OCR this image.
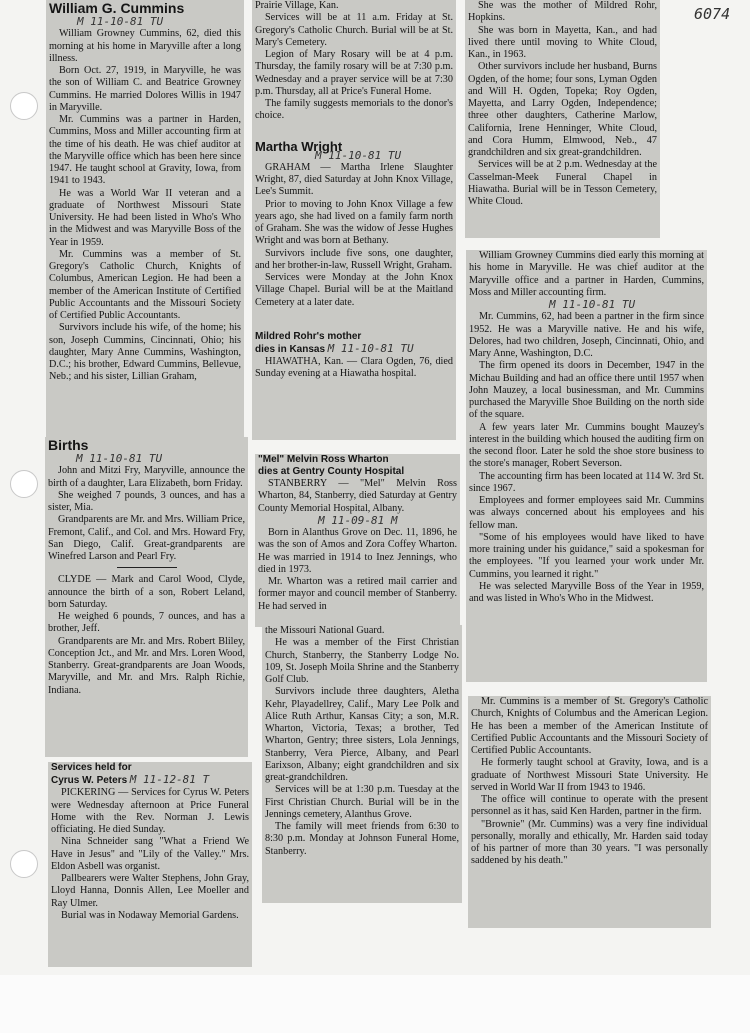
6074
William G. Cummins
M 11-10-81 TU

William Growney Cummins, 62, died this morning at his home in Maryville after a long illness.

Born Oct. 27, 1919, in Maryville, he was the son of William C. and Beatrice Growney Cummins. He married Dolores Willis in 1947 in Maryville.

Mr. Cummins was a partner in Harden, Cummins, Moss and Miller accounting firm at the time of his death. He was chief auditor at the Maryville office which has been here since 1947. He taught school at Gravity, Iowa, from 1941 to 1943.

He was a World War II veteran and a graduate of Northwest Missouri State University. He had been listed in Who's Who in the Midwest and was Maryville Boss of the Year in 1959.

Mr. Cummins was a member of St. Gregory's Catholic Church, Knights of Columbus, American Legion. He had been a member of the American Institute of Certified Public Accountants and the Missouri Society of Certified Public Accountants.

Survivors include his wife, of the home; his son, Joseph Cummins, Cincinnati, Ohio; his daughter, Mary Anne Cummins, Washington, D.C.; his brother, Edward Cummins, Bellevue, Neb.; and his sister, Lillian Graham,

Prairie Village, Kan.

Services will be at 11 a.m. Friday at St. Gregory's Catholic Church. Burial will be at St. Mary's Cemetery.

Legion of Mary Rosary will be at 4 p.m. Thursday, the family rosary will be at 7:30 p.m. Wednesday and a prayer service will be at 7:30 p.m. Thursday, all at Price's Funeral Home.

The family suggests memorials to the donor's choice.

Martha Wright
M 11-10-81 TU

GRAHAM — Martha Irlene Slaughter Wright, 87, died Saturday at John Knox Village, Lee's Summit.

Prior to moving to John Knox Village a few years ago, she had lived on a family farm north of Graham. She was the widow of Jesse Hughes Wright and was born at Bethany.

Survivors include five sons, one daughter, and her brother-in-law, Russell Wright, Graham.

Services were Monday at the John Knox Village Chapel. Burial will be at the Maitland Cemetery at a later date.

Mildred Rohr's mother
dies in Kansas M 11-10-81 TU

HIAWATHA, Kan. — Clara Ogden, 76, died Sunday evening at a Hiawatha hospital.

She was the mother of Mildred Rohr, Hopkins.

She was born in Mayetta, Kan., and had lived there until moving to White Cloud, Kan., in 1963.

Other survivors include her husband, Burns Ogden, of the home; four sons, Lyman Ogden and Will H. Ogden, Topeka; Roy Ogden, Mayetta, and Larry Ogden, Independence; three other daughters, Catherine Marlow, California, Irene Henninger, White Cloud, and Cora Humm, Elmwood, Neb., 47 grandchildren and six great-grandchildren.

Services will be at 2 p.m. Wednesday at the Casselman-Meek Funeral Chapel in Hiawatha. Burial will be in Tesson Cemetery, White Cloud.

William Growney Cummins died early this morning at his home in Maryville. He was chief auditor at the Maryville office and a partner in Harden, Cummins, Moss and Miller accounting firm.

M 11-10-81 TU

Mr. Cummins, 62, had been a partner in the firm since 1952. He was a Maryville native. He and his wife, Delores, had two children, Joseph, Cincinnati, Ohio, and Mary Anne, Washington, D.C.

The firm opened its doors in December, 1947 in the Michau Building and had an office there until 1957 when John Mauzey, a local businessman, and Mr. Cummins purchased the Maryville Shoe Building on the north side of the square.

A few years later Mr. Cummins bought Mauzey's interest in the building which housed the auditing firm on the second floor. Later he sold the shoe store business to the store's manager, Robert Severson.

The accounting firm has been located at 114 W. 3rd St. since 1967.

Employees and former employees said Mr. Cummins was always concerned about his employees and his fellow man.

"Some of his employees would have liked to have more training under his guidance," said a spokesman for the employees. "If you learned your work under Mr. Cummins, you learned it right."

He was selected Maryville Boss of the Year in 1959, and was listed in Who's Who in the Midwest.

Mr. Cummins is a member of St. Gregory's Catholic Church, Knights of Columbus and the American Legion. He has been a member of the American Institute of Certified Public Accountants and the Missouri Society of Certified Public Accountants.

He formerly taught school at Gravity, Iowa, and is a graduate of Northwest Missouri State University. He served in World War II from 1943 to 1946.

The office will continue to operate with the present personnel as it has, said Ken Harden, partner in the firm.

"Brownie" (Mr. Cummins) was a very fine individual personally, morally and ethically, Mr. Harden said today of his partner of more than 30 years. "I was personally saddened by his death."

Births
M 11-10-81 TU

John and Mitzi Fry, Maryville, announce the birth of a daughter, Lara Elizabeth, born Friday.

She weighed 7 pounds, 3 ounces, and has a sister, Mia.

Grandparents are Mr. and Mrs. William Price, Fremont, Calif., and Col. and Mrs. Howard Fry, San Diego, Calif. Great-grandparents are Winefred Larson and Pearl Fry.

CLYDE — Mark and Carol Wood, Clyde, announce the birth of a son, Robert Leland, born Saturday.

He weighed 6 pounds, 7 ounces, and has a brother, Jeff.

Grandparents are Mr. and Mrs. Robert Bliley, Conception Jct., and Mr. and Mrs. Loren Wood, Stanberry. Great-grandparents are Joan Woods, Maryville, and Mr. and Mrs. Ralph Richie, Indiana.

"Mel" Melvin Ross Wharton
dies at Gentry County Hospital

STANBERRY — "Mel" Melvin Ross Wharton, 84, Stanberry, died Saturday at Gentry County Memorial Hospital, Albany.

M 11-09-81 M

Born in Alanthus Grove on Dec. 11, 1896, he was the son of Amos and Zora Coffey Wharton. He was married in 1914 to Inez Jennings, who died in 1973.

Mr. Wharton was a retired mail carrier and former mayor and council member of Stanberry. He had served in

the Missouri National Guard.

He was a member of the First Christian Church, Stanberry, the Stanberry Lodge No. 109, St. Joseph Moila Shrine and the Stanberry Golf Club.

Survivors include three daughters, Aletha Kehr, Playadellrey, Calif., Mary Lee Polk and Alice Ruth Arthur, Kansas City; a son, M.R. Wharton, Victoria, Texas; a brother, Ted Wharton, Gentry; three sisters, Lola Jennings, Stanberry, Vera Pierce, Albany, and Pearl Earixson, Albany; eight grandchildren and six great-grandchildren.

Services will be at 1:30 p.m. Tuesday at the First Christian Church. Burial will be in the Jennings cemetery, Alanthus Grove.

The family will meet friends from 6:30 to 8:30 p.m. Monday at Johnson Funeral Home, Stanberry.

Services held for
Cyrus W. Peters M 11-12-81 T

PICKERING — Services for Cyrus W. Peters were Wednesday afternoon at Price Funeral Home with the Rev. Norman J. Lewis officiating. He died Sunday.

Nina Schneider sang "What a Friend We Have in Jesus" and "Lily of the Valley." Mrs. Eldon Asbell was organist.

Pallbearers were Walter Stephens, John Gray, Lloyd Hanna, Donnis Allen, Lee Moeller and Ray Ulmer.

Burial was in Nodaway Memorial Gardens.
